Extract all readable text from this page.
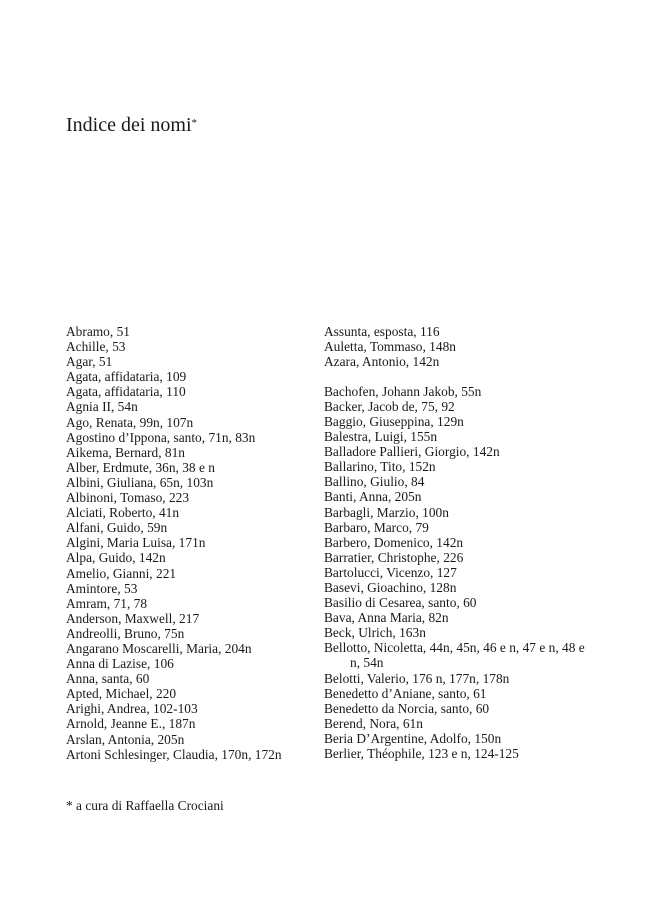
Indice dei nomi*
Abramo, 51
Achille, 53
Agar, 51
Agata, affidataria, 109
Agata, affidataria, 110
Agnia II, 54n
Ago, Renata, 99n, 107n
Agostino d’Ippona, santo, 71n, 83n
Aikema, Bernard, 81n
Alber, Erdmute, 36n, 38 e n
Albini, Giuliana, 65n, 103n
Albinoni, Tomaso, 223
Alciati, Roberto, 41n
Alfani, Guido, 59n
Algini, Maria Luisa, 171n
Alpa, Guido, 142n
Amelio, Gianni, 221
Amintore, 53
Amram, 71, 78
Anderson, Maxwell, 217
Andreolli, Bruno, 75n
Angarano Moscarelli, Maria, 204n
Anna di Lazise, 106
Anna, santa, 60
Apted, Michael, 220
Arighi, Andrea, 102-103
Arnold, Jeanne E., 187n
Arslan, Antonia, 205n
Artoni Schlesinger, Claudia, 170n, 172n
Assunta, esposta, 116
Auletta, Tommaso, 148n
Azara, Antonio, 142n
Bachofen, Johann Jakob, 55n
Backer, Jacob de, 75, 92
Baggio, Giuseppina, 129n
Balestra, Luigi, 155n
Balladore Pallieri, Giorgio, 142n
Ballarino, Tito, 152n
Ballino, Giulio, 84
Banti, Anna, 205n
Barbagli, Marzio, 100n
Barbaro, Marco, 79
Barbero, Domenico, 142n
Barratier, Christophe, 226
Bartolucci, Vicenzo, 127
Basevi, Gioachino, 128n
Basilio di Cesarea, santo, 60
Bava, Anna Maria, 82n
Beck, Ulrich, 163n
Bellotto, Nicoletta, 44n, 45n, 46 e n, 47 e n, 48 e n, 54n
Belotti, Valerio, 176 n, 177n, 178n
Benedetto d’Aniane, santo, 61
Benedetto da Norcia, santo, 60
Berend, Nora, 61n
Beria D’Argentine, Adolfo, 150n
Berlier, Théophile, 123 e n, 124-125
* a cura di Raffaella Crociani
